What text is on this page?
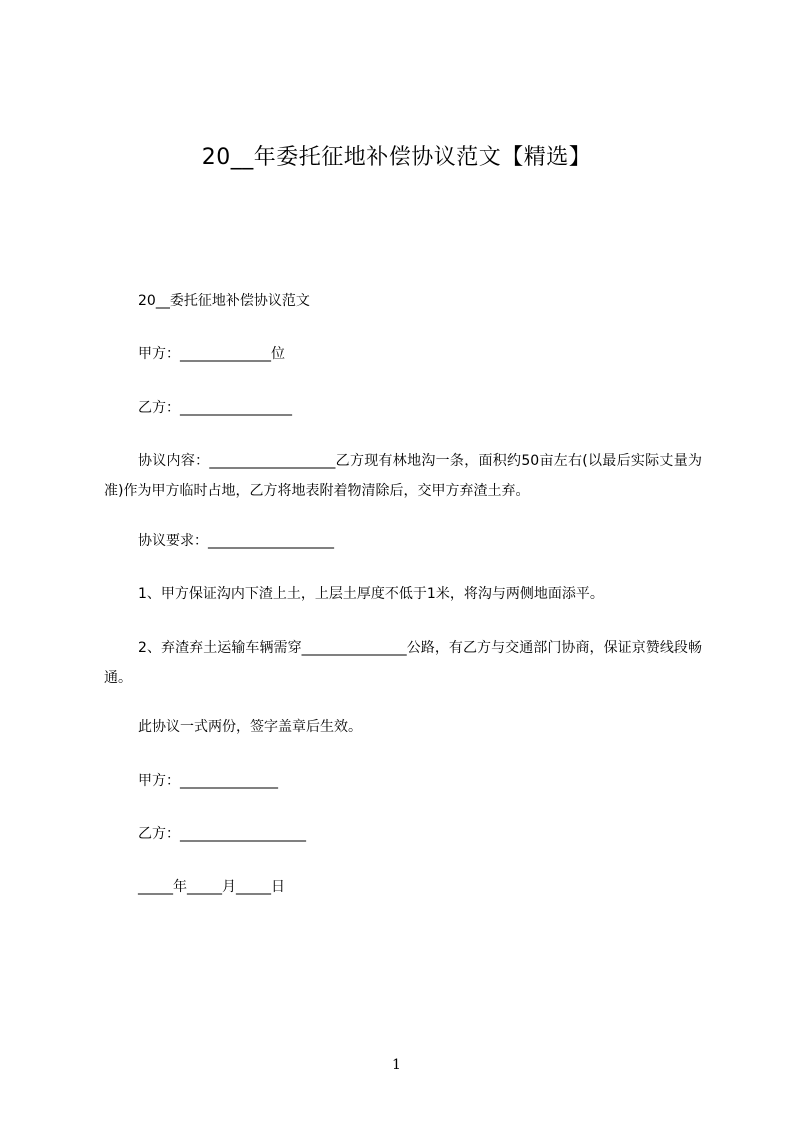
20__年委托征地补偿协议范文【精选】
20__委托征地补偿协议范文
甲方：_____________位
乙方：________________
协议内容：__________________乙方现有林地沟一条，面积约50亩左右(以最后实际丈量为准)作为甲方临时占地，乙方将地表附着物清除后，交甲方弃渣土弃。
协议要求：__________________
1、甲方保证沟内下渣上土，上层土厚度不低于1米，将沟与两侧地面添平。
2、弃渣弃土运输车辆需穿_______________公路，有乙方与交通部门协商，保证京赞线段畅通。
此协议一式两份，签字盖章后生效。
甲方：______________
乙方：__________________
_____年_____月_____日
1
